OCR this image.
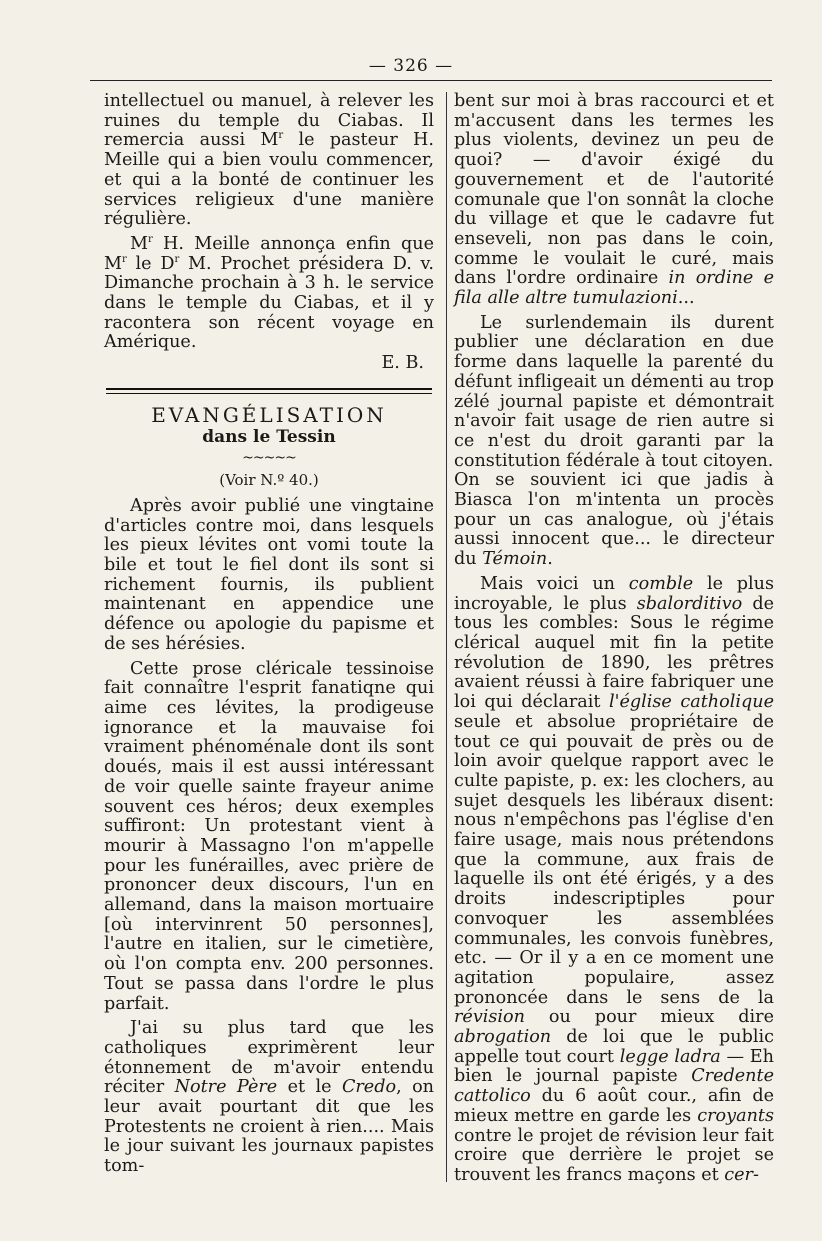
— 326 —

intellectuel ou manuel, à relever les ruines du temple du Ciabas. Il remercia aussi $M^r$ le pasteur H. Meille qui a bien voulu commencer, et qui a la bonté de continuer les services religieux d'une manière régulière.

$M^r$ H. Meille annonça enfin que $M^r$ le $D^r$ M. Prochet présidera D. v. Dimanche prochain à 3 h. le service dans le temple du Ciabas, et il y racontera son récent voyage en Amérique.

E. B.
EVANGÉLISATION
dans le Tessin
~~~~~
(Voir N.º 40.)

Après avoir publié une vingtaine d'articles contre moi, dans lesquels les pieux lévites ont vomi toute la bile et tout le fiel dont ils sont si richement fournis, ils publient maintenant en appendice une défence ou apologie du papisme et de ses hérésies.

Cette prose cléricale tessinoise fait connaître l'esprit fanatiqne qui aime ces lévites, la prodigeuse ignorance et la mauvaise foi vraiment phénoménale dont ils sont doués, mais il est aussi intéressant de voir quelle sainte frayeur anime souvent ces héros; deux exemples suffiront: Un protestant vient à mourir à Massagno l'on m'appelle pour les funérailles, avec prière de prononcer deux discours, l'un en allemand, dans la maison mortuaire [où intervinrent 50 personnes], l'autre en italien, sur le cimetière, où l'on compta env. 200 personnes. Tout se passa dans l'ordre le plus parfait.

J'ai su plus tard que les catholiques exprimèrent leur étonnement de m'avoir entendu réciter Notre Père et le Credo, on leur avait pourtant dit que les Protestents ne croient à rien.... Mais le jour suivant les journaux papistes tom-

bent sur moi à bras raccourci et et m'accusent dans les termes les plus violents, devinez un peu de quoi? — d'avoir éxigé du gouvernement et de l'autorité comunale que l'on sonnât la cloche du village et que le cadavre fut enseveli, non pas dans le coin, comme le voulait le curé, mais dans l'ordre ordinaire in ordine e fila alle altre tumulazioni...

Le surlendemain ils durent publier une déclaration en due forme dans laquelle la parenté du défunt infligeait un démenti au trop zélé journal papiste et démontrait n'avoir fait usage de rien autre si ce n'est du droit garanti par la constitution fédérale à tout citoyen.

On se souvient ici que jadis à Biasca l'on m'intenta un procès pour un cas analogue, où j'étais aussi innocent que... le directeur du Témoin.

Mais voici un comble le plus incroyable, le plus sbalorditivo de tous les combles: Sous le régime clérical auquel mit fin la petite révolution de 1890, les prêtres avaient réussi à faire fabriquer une loi qui déclarait l'église catholique seule et absolue propriétaire de tout ce qui pouvait de près ou de loin avoir quelque rapport avec le culte papiste, p. ex: les clochers, au sujet desquels les libéraux disent: nous n'empêchons pas l'église d'en faire usage, mais nous prétendons que la commune, aux frais de laquelle ils ont été érigés, y a des droits indescriptiples pour convoquer les assemblées communales, les convois funèbres, etc. — Or il y a en ce moment une agitation populaire, assez prononcée dans le sens de la révision ou pour mieux dire abrogation de loi que le public appelle tout court legge ladra — Eh bien le journal papiste Credente cattolico du 6 août cour., afin de mieux mettre en garde les croyants contre le projet de révision leur fait croire que derrière le projet se trouvent les francs maçons et cer-
